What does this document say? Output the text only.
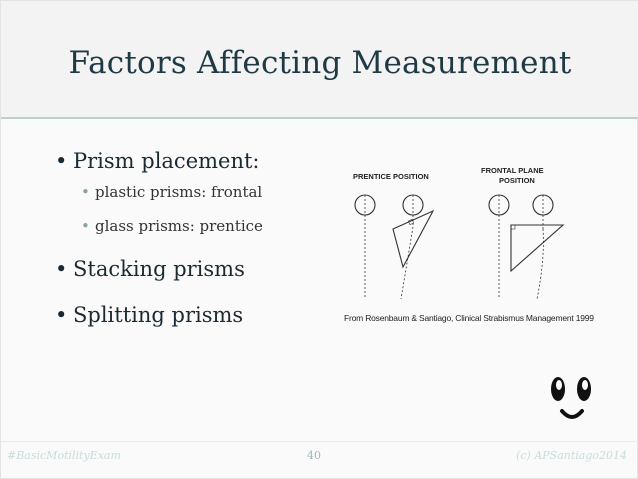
Factors Affecting Measurement
• Prism placement:
• plastic prisms: frontal
• glass prisms: prentice
• Stacking prisms
• Splitting prisms
PRENTICE POSITION
FRONTAL PLANE
POSITION
From Rosenbaum & Santiago, Clinical Strabismus Management 1999
#BasicMotilityExam	40	(c) APSantiago2014
